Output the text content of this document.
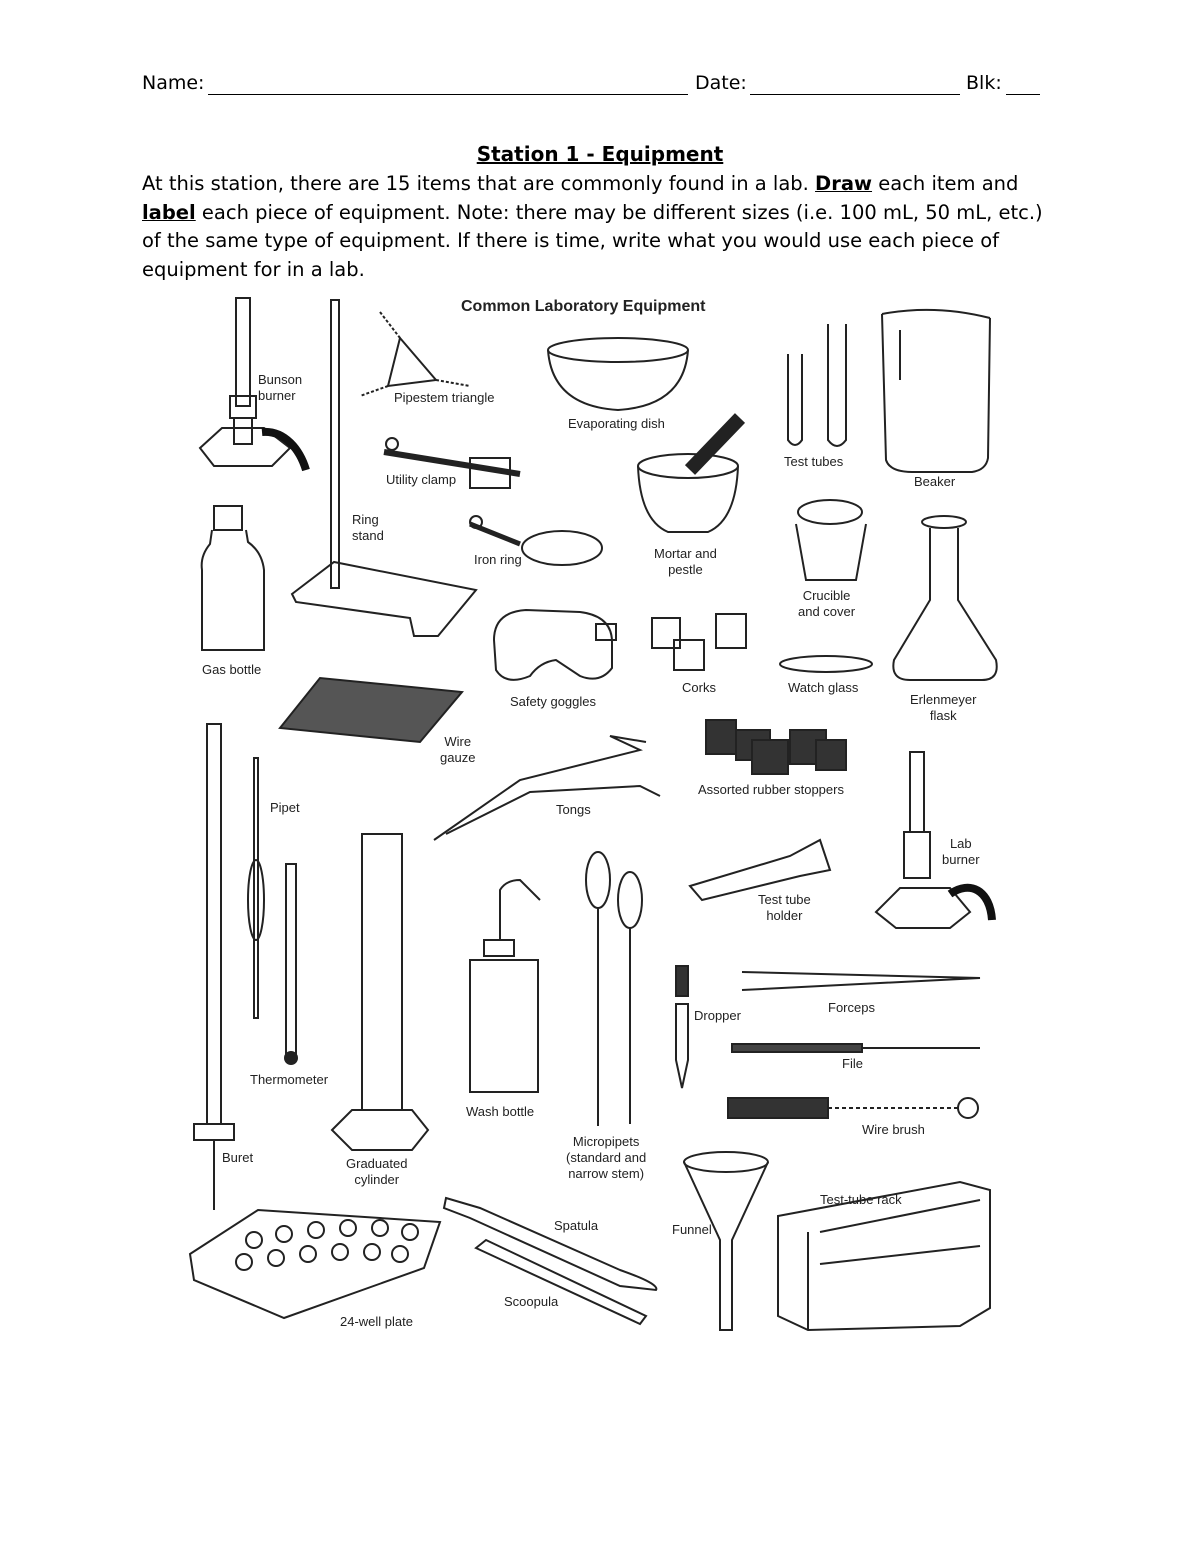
Name:	Date:	Blk:
Station 1 - Equipment
At this station, there are 15 items that are commonly found in a lab. Draw each item and label each piece of equipment. Note: there may be different sizes (i.e. 100 mL, 50 mL, etc.) of the same type of equipment. If there is time, write what you would use each piece of equipment for in a lab.
Common Laboratory Equipment
Bunson
burner	Pipestem triangle
Evaporating dish
Test tubes
Beaker
Utility clamp
Ring
stand
Iron ring	Mortar and
pestle
Crucible
and cover
Gas bottle
Safety goggles
Corks	Watch glass
Erlenmeyer
flask
Wire
gauze
Pipet	Tongs
Assorted rubber stoppers
Lab
burner
Test tube
holder
Thermometer
Graduated
cylinder
Wash bottle
Micropipets
(standard and
narrow stem)
Dropper
Forceps
File
Wire brush
Buret
Spatula	Funnel
Test-tube rack
Scoopula
24-well plate
